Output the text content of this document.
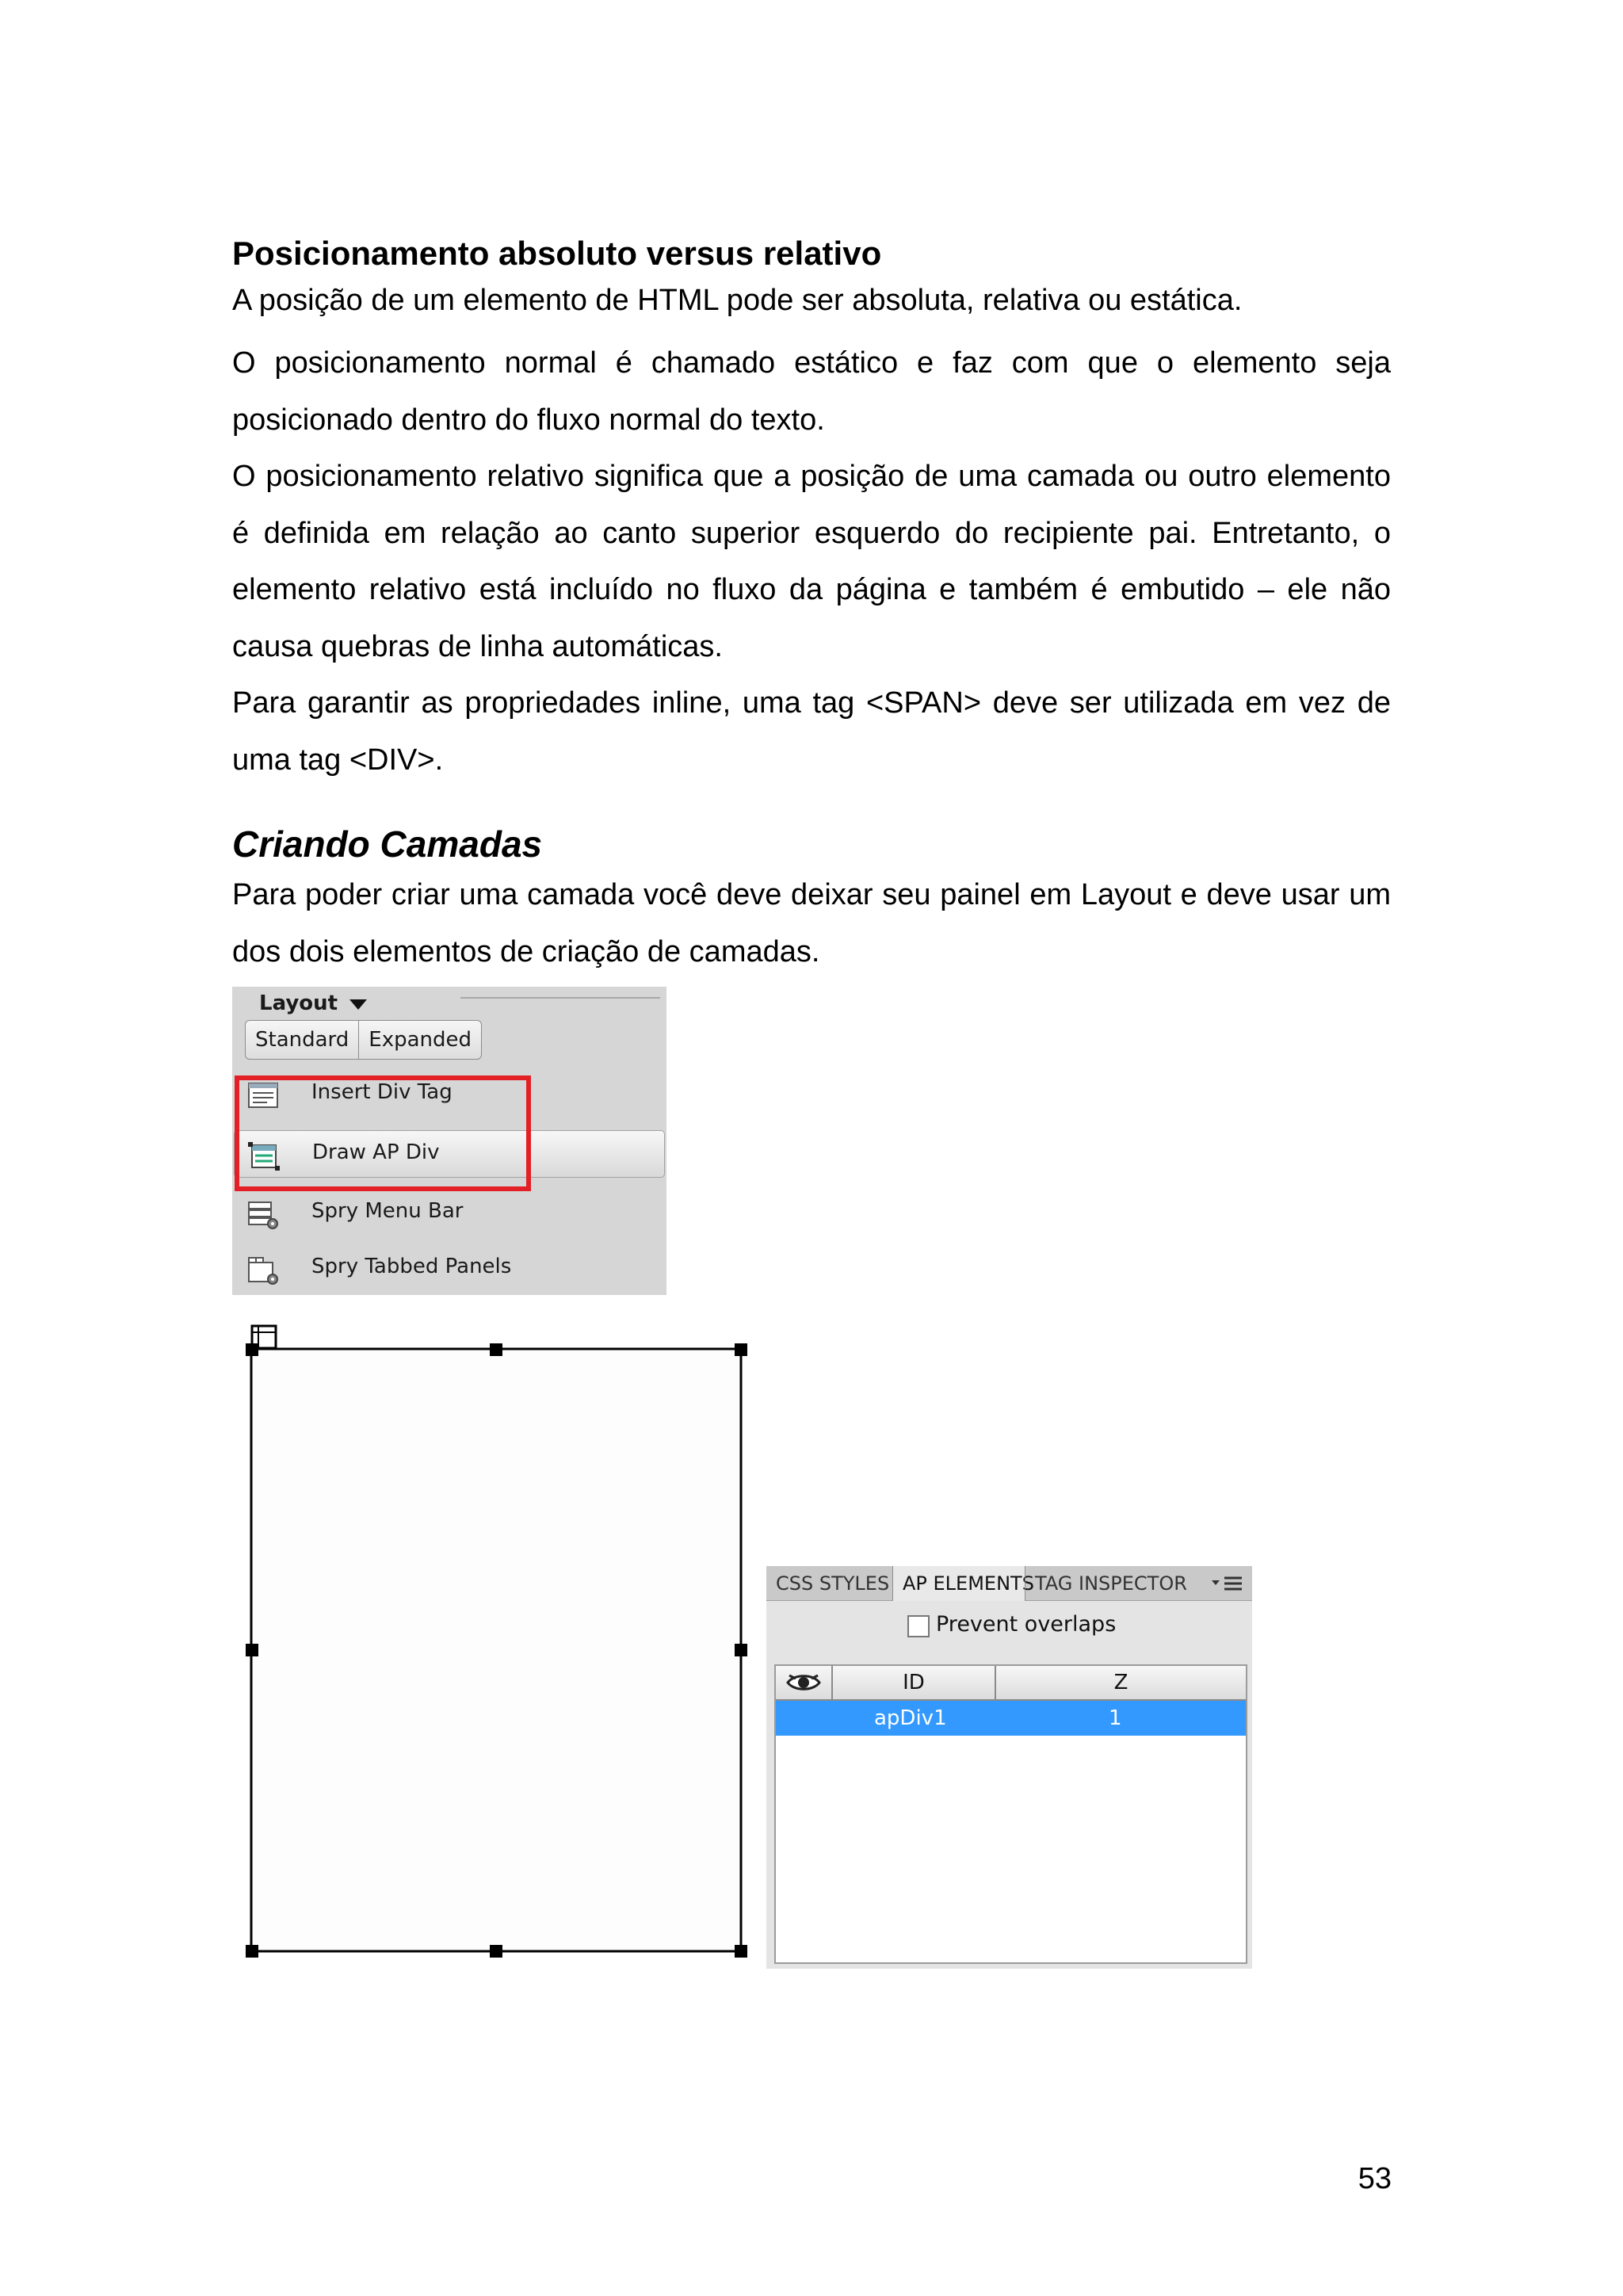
Posicionamento absoluto versus relativo

A posição de um elemento de HTML pode ser absoluta, relativa ou estática.

O posicionamento normal é chamado estático e faz com que o elemento seja posicionado dentro do fluxo normal do texto.

O posicionamento relativo significa que a posição de uma camada ou outro elemento é definida em relação ao canto superior esquerdo do recipiente pai. Entretanto, o elemento relativo está incluído no fluxo da página e também é embutido – ele não causa quebras de linha automáticas.

Para garantir as propriedades inline, uma tag <SPAN> deve ser utilizada em vez de uma tag <DIV>.

Criando Camadas

Para poder criar uma camada você deve deixar seu painel em Layout e deve usar um dos dois elementos de criação de camadas.

Layout
Standard Expanded
Insert Div Tag
Draw AP Div
Spry Menu Bar
Spry Tabbed Panels
CSS STYLES AP ELEMENTS TAG INSPECTOR
Prevent overlaps
ID	Z
apDiv1	1
53
